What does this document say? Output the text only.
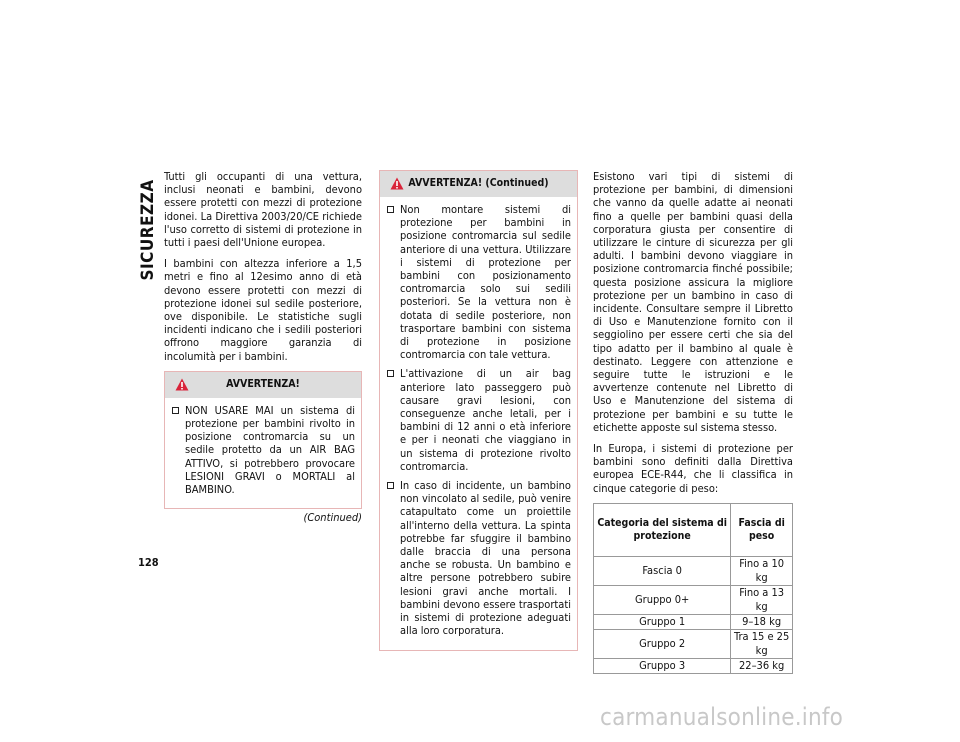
SICUREZZA

Tutti gli occupanti di una vettura, inclusi neonati e bambini, devono essere protetti con mezzi di protezione idonei. La Direttiva 2003/20/CE richiede l'uso corretto di sistemi di protezione in tutti i paesi dell'Unione europea.

I bambini con altezza inferiore a 1,5 metri e fino al 12esimo anno di età devono essere protetti con mezzi di protezione idonei sul sedile posteriore, ove disponibile. Le statistiche sugli incidenti indicano che i sedili posteriori offrono maggiore garanzia di incolumità per i bambini.

AVVERTENZA!
NON USARE MAI un sistema di protezione per bambini rivolto in posizione contromarcia su un sedile protetto da un AIR BAG ATTIVO, si potrebbero provocare LESIONI GRAVI o MORTALI al BAMBINO.
(Continued)
AVVERTENZA! (Continued)
Non montare sistemi di protezione per bambini in posizione contromarcia sul sedile anteriore di una vettura. Utilizzare i sistemi di protezione per bambini con posizionamento contromarcia solo sui sedili posteriori. Se la vettura non è dotata di sedile posteriore, non trasportare bambini con sistema di protezione in posizione contromarcia con tale vettura.
L'attivazione di un air bag anteriore lato passeggero può causare gravi lesioni, con conseguenze anche letali, per i bambini di 12 anni o età inferiore e per i neonati che viaggiano in un sistema di protezione rivolto contromarcia.
In caso di incidente, un bambino non vincolato al sedile, può venire catapultato come un proiettile all'interno della vettura. La spinta potrebbe far sfuggire il bambino dalle braccia di una persona anche se robusta. Un bambino e altre persone potrebbero subire lesioni gravi anche mortali. I bambini devono essere trasportati in sistemi di protezione adeguati alla loro corporatura.

Esistono vari tipi di sistemi di protezione per bambini, di dimensioni che vanno da quelle adatte ai neonati fino a quelle per bambini quasi della corporatura giusta per consentire di utilizzare le cinture di sicurezza per gli adulti. I bambini devono viaggiare in posizione contromarcia finché possibile; questa posizione assicura la migliore protezione per un bambino in caso di incidente. Consultare sempre il Libretto di Uso e Manutenzione fornito con il seggiolino per essere certi che sia del tipo adatto per il bambino al quale è destinato. Leggere con attenzione e seguire tutte le istruzioni e le avvertenze contenute nel Libretto di Uso e Manutenzione del sistema di protezione per bambini e su tutte le etichette apposte sul sistema stesso.

In Europa, i sistemi di protezione per bambini sono definiti dalla Direttiva europea ECE-R44, che li classifica in cinque categorie di peso:

Categoria del sistema di protezione	Fascia di peso
Fascia 0	Fino a 10 kg
Gruppo 0+	Fino a 13 kg
Gruppo 1	9–18 kg
Gruppo 2	Tra 15 e 25 kg
Gruppo 3	22–36 kg
128
carmanualsonline.info
